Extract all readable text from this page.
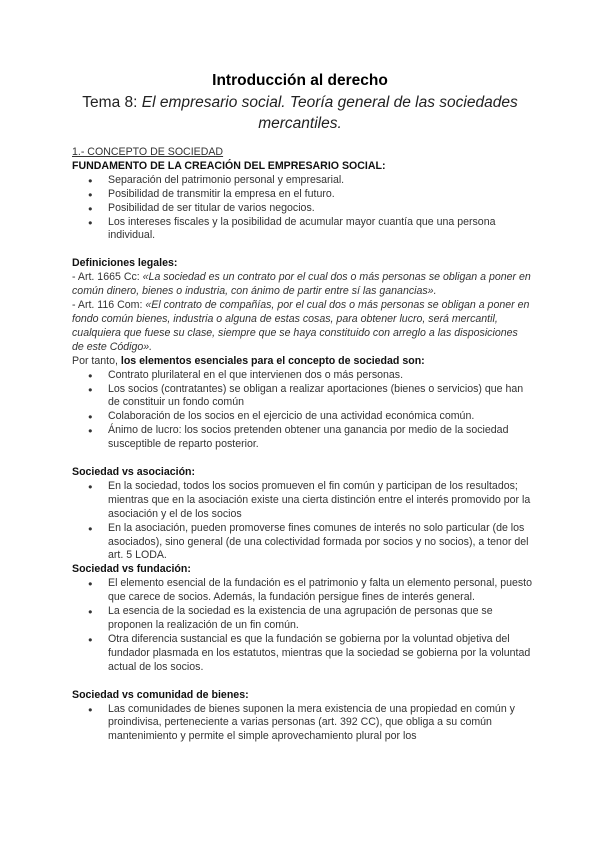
Introducción al derecho
Tema 8: El empresario social. Teoría general de las sociedades mercantiles.

1.- CONCEPTO DE SOCIEDAD

FUNDAMENTO DE LA CREACIÓN DEL EMPRESARIO SOCIAL:

● Separación del patrimonio personal y empresarial.
● Posibilidad de transmitir la empresa en el futuro.
● Posibilidad de ser titular de varios negocios.
● Los intereses fiscales y la posibilidad de acumular mayor cuantía que una persona individual.

Definiciones legales:

- Art. 1665 Cc: «La sociedad es un contrato por el cual dos o más personas se obligan a poner en común dinero, bienes o industria, con ánimo de partir entre sí las ganancias».

- Art. 116 Com: «El contrato de compañías, por el cual dos o más personas se obligan a poner en fondo común bienes, industria o alguna de estas cosas, para obtener lucro, será mercantil, cualquiera que fuese su clase, siempre que se haya constituido con arreglo a las disposiciones de este Código».

Por tanto, los elementos esenciales para el concepto de sociedad son:

● Contrato plurilateral en el que intervienen dos o más personas.
● Los socios (contratantes) se obligan a realizar aportaciones (bienes o servicios) que han de constituir un fondo común
● Colaboración de los socios en el ejercicio de una actividad económica común.
● Ánimo de lucro: los socios pretenden obtener una ganancia por medio de la sociedad susceptible de reparto posterior.

Sociedad vs asociación:

● En la sociedad, todos los socios promueven el fin común y participan de los resultados; mientras que en la asociación existe una cierta distinción entre el interés promovido por la asociación y el de los socios
● En la asociación, pueden promoverse fines comunes de interés no solo particular (de los asociados), sino general (de una colectividad formada por socios y no socios), a tenor del art. 5 LODA.

Sociedad vs fundación:

● El elemento esencial de la fundación es el patrimonio y falta un elemento personal, puesto que carece de socios. Además, la fundación persigue fines de interés general.
● La esencia de la sociedad es la existencia de una agrupación de personas que se proponen la realización de un fin común.
● Otra diferencia sustancial es que la fundación se gobierna por la voluntad objetiva del fundador plasmada en los estatutos, mientras que la sociedad se gobierna por la voluntad actual de los socios.

Sociedad vs comunidad de bienes:

● Las comunidades de bienes suponen la mera existencia de una propiedad en común y proindivisa, perteneciente a varias personas (art. 392 CC), que obliga a su común mantenimiento y permite el simple aprovechamiento plural por los
